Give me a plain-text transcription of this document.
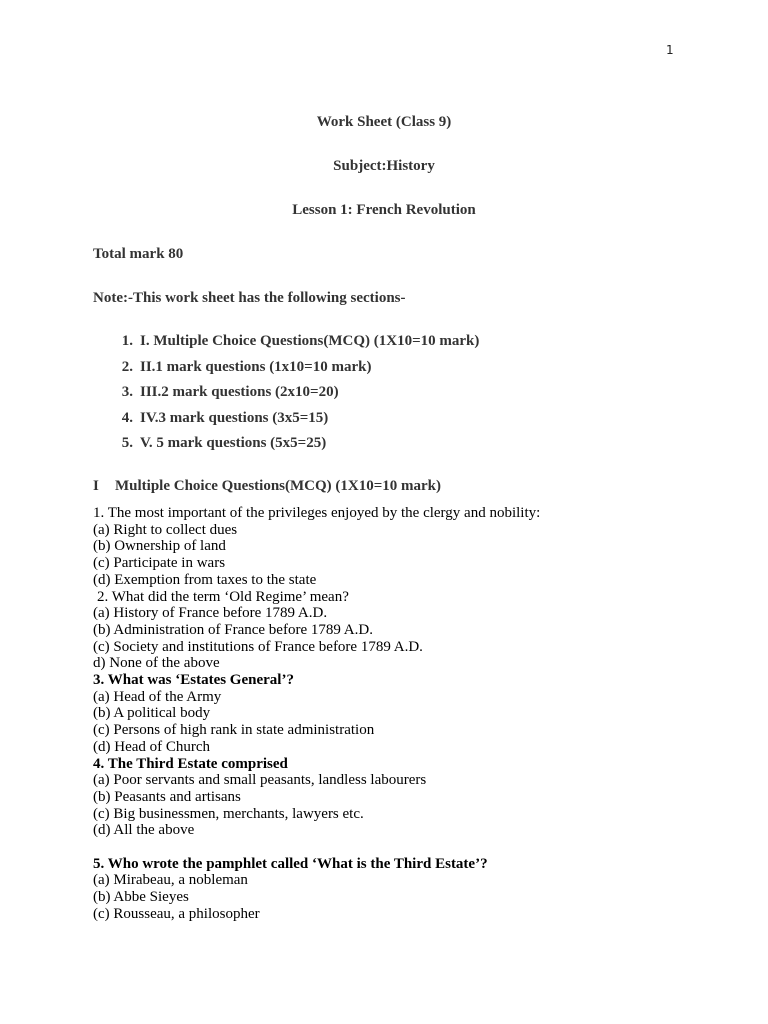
1
Work Sheet (Class 9)
Subject:History
Lesson 1: French Revolution
Total mark 80
Note:-This work sheet has the following sections-
1. I. Multiple Choice Questions(MCQ) (1X10=10 mark)
2. II.1 mark questions (1x10=10 mark)
3. III.2 mark questions (2x10=20)
4. IV.3 mark questions (3x5=15)
5. V. 5 mark questions (5x5=25)
I Multiple Choice Questions(MCQ) (1X10=10 mark)
1. The most important of the privileges enjoyed by the clergy and nobility:
(a) Right to collect dues
(b) Ownership of land
(c) Participate in wars
(d) Exemption from taxes to the state
2. What did the term ‘Old Regime’ mean?
(a) History of France before 1789 A.D.
(b) Administration of France before 1789 A.D.
(c) Society and institutions of France before 1789 A.D.
d) None of the above
3. What was ‘Estates General’?
(a) Head of the Army
(b) A political body
(c) Persons of high rank in state administration
(d) Head of Church
4. The Third Estate comprised
(a) Poor servants and small peasants, landless labourers
(b) Peasants and artisans
(c) Big businessmen, merchants, lawyers etc.
(d) All the above
5. Who wrote the pamphlet called ‘What is the Third Estate’?
(a) Mirabeau, a nobleman
(b) Abbe Sieyes
(c) Rousseau, a philosopher
